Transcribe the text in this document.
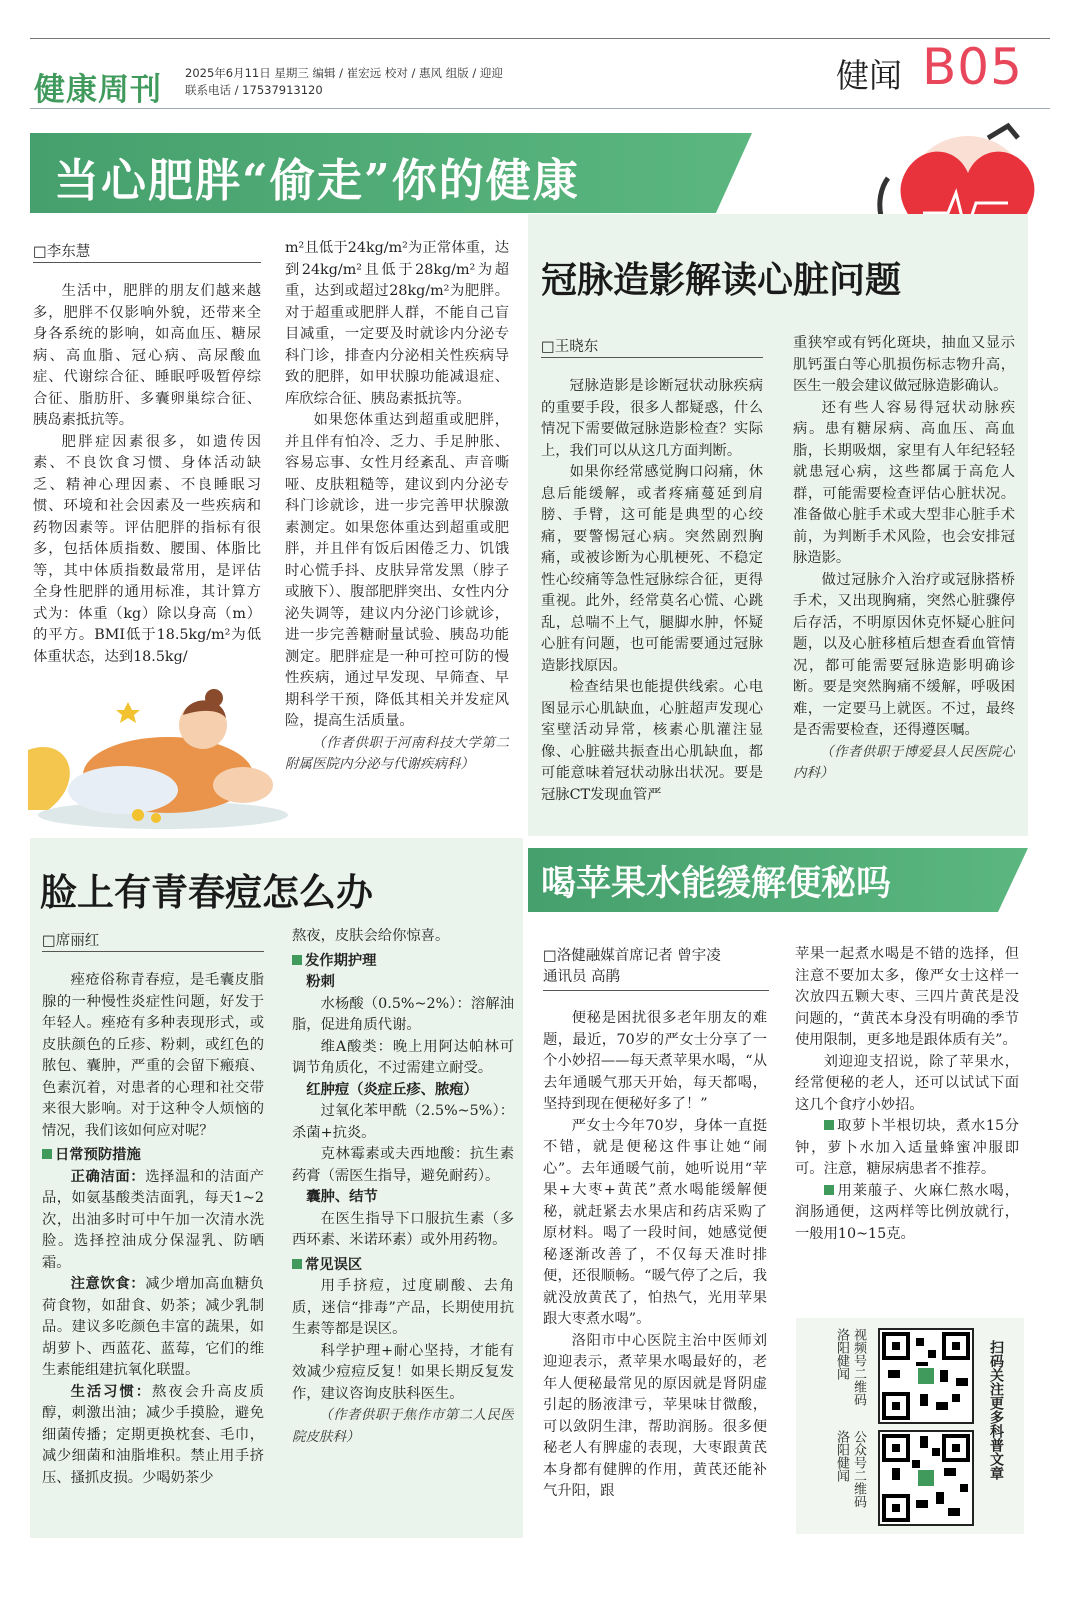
健康周刊 2025年6月11日 星期三 编辑 / 崔宏远 校对 / 惠风 组版 / 迎迎
联系电话 / 17537913120	健闻 B05
当心肥胖“偷走”你的健康
□李东慧

生活中，肥胖的朋友们越来越多，肥胖不仅影响外貌，还带来全身各系统的影响，如高血压、糖尿病、高血脂、冠心病、高尿酸血症、代谢综合征、睡眠呼吸暂停综合征、脂肪肝、多囊卵巢综合征、胰岛素抵抗等。

肥胖症因素很多，如遗传因素、不良饮食习惯、身体活动缺乏、精神心理因素、不良睡眠习惯、环境和社会因素及一些疾病和药物因素等。评估肥胖的指标有很多，包括体质指数、腰围、体脂比等，其中体质指数最常用，是评估全身性肥胖的通用标准，其计算方式为：体重（kg）除以身高（m）的平方。BMI低于18.5kg/m²为低体重状态，达到18.5kg/

m²且低于24kg/m²为正常体重，达到24kg/m²且低于28kg/m²为超重，达到或超过28kg/m²为肥胖。对于超重或肥胖人群，不能自己盲目减重，一定要及时就诊内分泌专科门诊，排查内分泌相关性疾病导致的肥胖，如甲状腺功能减退症、库欣综合征、胰岛素抵抗等。

如果您体重达到超重或肥胖，并且伴有怕冷、乏力、手足肿胀、容易忘事、女性月经紊乱、声音嘶哑、皮肤粗糙等，建议到内分泌专科门诊就诊，进一步完善甲状腺激素测定。如果您体重达到超重或肥胖，并且伴有饭后困倦乏力、饥饿时心慌手抖、皮肤异常发黑（脖子或腋下）、腹部肥胖突出、女性内分泌失调等，建议内分泌门诊就诊，进一步完善糖耐量试验、胰岛功能测定。肥胖症是一种可控可防的慢性疾病，通过早发现、早筛查、早期科学干预，降低其相关并发症风险，提高生活质量。

（作者供职于河南科技大学第二附属医院内分泌与代谢疾病科）

冠脉造影解读心脏问题
□王晓东

冠脉造影是诊断冠状动脉疾病的重要手段，很多人都疑惑，什么情况下需要做冠脉造影检查？实际上，我们可以从这几方面判断。

如果你经常感觉胸口闷痛，休息后能缓解，或者疼痛蔓延到肩膀、手臂，这可能是典型的心绞痛，要警惕冠心病。突然剧烈胸痛，或被诊断为心肌梗死、不稳定性心绞痛等急性冠脉综合征，更得重视。此外，经常莫名心慌、心跳乱，总喘不上气，腿脚水肿，怀疑心脏有问题，也可能需要通过冠脉造影找原因。

检查结果也能提供线索。心电图显示心肌缺血，心脏超声发现心室壁活动异常，核素心肌灌注显像、心脏磁共振查出心肌缺血，都可能意味着冠状动脉出状况。要是冠脉CT发现血管严

重狭窄或有钙化斑块，抽血又显示肌钙蛋白等心肌损伤标志物升高，医生一般会建议做冠脉造影确认。

还有些人容易得冠状动脉疾病。患有糖尿病、高血压、高血脂，长期吸烟，家里有人年纪轻轻就患冠心病，这些都属于高危人群，可能需要检查评估心脏状况。准备做心脏手术或大型非心脏手术前，为判断手术风险，也会安排冠脉造影。

做过冠脉介入治疗或冠脉搭桥手术，又出现胸痛，突然心脏骤停后存活，不明原因休克怀疑心脏问题，以及心脏移植后想查看血管情况，都可能需要冠脉造影明确诊断。要是突然胸痛不缓解，呼吸困难，一定要马上就医。不过，最终是否需要检查，还得遵医嘱。

（作者供职于博爱县人民医院心内科）

脸上有青春痘怎么办
□席丽红

痤疮俗称青春痘，是毛囊皮脂腺的一种慢性炎症性问题，好发于年轻人。痤疮有多种表现形式，或皮肤颜色的丘疹、粉刺，或红色的脓包、囊肿，严重的会留下瘢痕、色素沉着，对患者的心理和社交带来很大影响。对于这种令人烦恼的情况，我们该如何应对呢？

日常预防措施

正确洁面：选择温和的洁面产品，如氨基酸类洁面乳，每天1~2次，出油多时可中午加一次清水洗脸。选择控油成分保湿乳、防晒霜。

注意饮食：减少增加高血糖负荷食物，如甜食、奶茶；减少乳制品。建议多吃颜色丰富的蔬果，如胡萝卜、西蓝花、蓝莓，它们的维生素能组建抗氧化联盟。

生活习惯：熬夜会升高皮质醇，刺激出油；减少手摸脸，避免细菌传播；定期更换枕套、毛巾，减少细菌和油脂堆积。禁止用手挤压、搔抓皮损。少喝奶茶少

熬夜，皮肤会给你惊喜。

发作期护理

粉刺

水杨酸（0.5%~2%）：溶解油脂，促进角质代谢。

维A酸类：晚上用阿达帕林可调节角质化，不过需建立耐受。

红肿痘（炎症丘疹、脓疱）

过氧化苯甲酰（2.5%~5%）：杀菌+抗炎。

克林霉素或夫西地酸：抗生素药膏（需医生指导，避免耐药）。

囊肿、结节

在医生指导下口服抗生素（多西环素、米诺环素）或外用药物。

常见误区

用手挤痘，过度刷酸、去角质，迷信“排毒”产品，长期使用抗生素等都是误区。

科学护理+耐心坚持，才能有效减少痘痘反复！如果长期反复发作，建议咨询皮肤科医生。

（作者供职于焦作市第二人民医院皮肤科）

喝苹果水能缓解便秘吗
□洛健融媒首席记者 曾宇凌
通讯员 高鹃

便秘是困扰很多老年朋友的难题，最近，70岁的严女士分享了一个小妙招——每天煮苹果水喝，“从去年通暖气那天开始，每天都喝，坚持到现在便秘好多了！”

严女士今年70岁，身体一直挺不错，就是便秘这件事让她“闹心”。去年通暖气前，她听说用“苹果+大枣+黄芪”煮水喝能缓解便秘，就赶紧去水果店和药店采购了原材料。喝了一段时间，她感觉便秘逐渐改善了，不仅每天准时排便，还很顺畅。“暖气停了之后，我就没放黄芪了，怕热气，光用苹果跟大枣煮水喝”。

洛阳市中心医院主治中医师刘迎迎表示，煮苹果水喝最好的，老年人便秘最常见的原因就是肾阴虚引起的肠液津亏，苹果味甘微酸，可以敛阴生津，帮助润肠。很多便秘老人有脾虚的表现，大枣跟黄芪本身都有健脾的作用，黄芪还能补气升阳，跟

苹果一起煮水喝是不错的选择，但注意不要加太多，像严女士这样一次放四五颗大枣、三四片黄芪是没问题的，“黄芪本身没有明确的季节使用限制，更多地是跟体质有关”。

刘迎迎支招说，除了苹果水，经常便秘的老人，还可以试试下面这几个食疗小妙招。

取萝卜半根切块，煮水15分钟，萝卜水加入适量蜂蜜冲服即可。注意，糖尿病患者不推荐。

用莱菔子、火麻仁熬水喝，润肠通便，这两样等比例放就行，一般用10~15克。

洛阳健闻 视频号二维码
洛阳健闻 公众号二维码	扫码关注更多科普文章
